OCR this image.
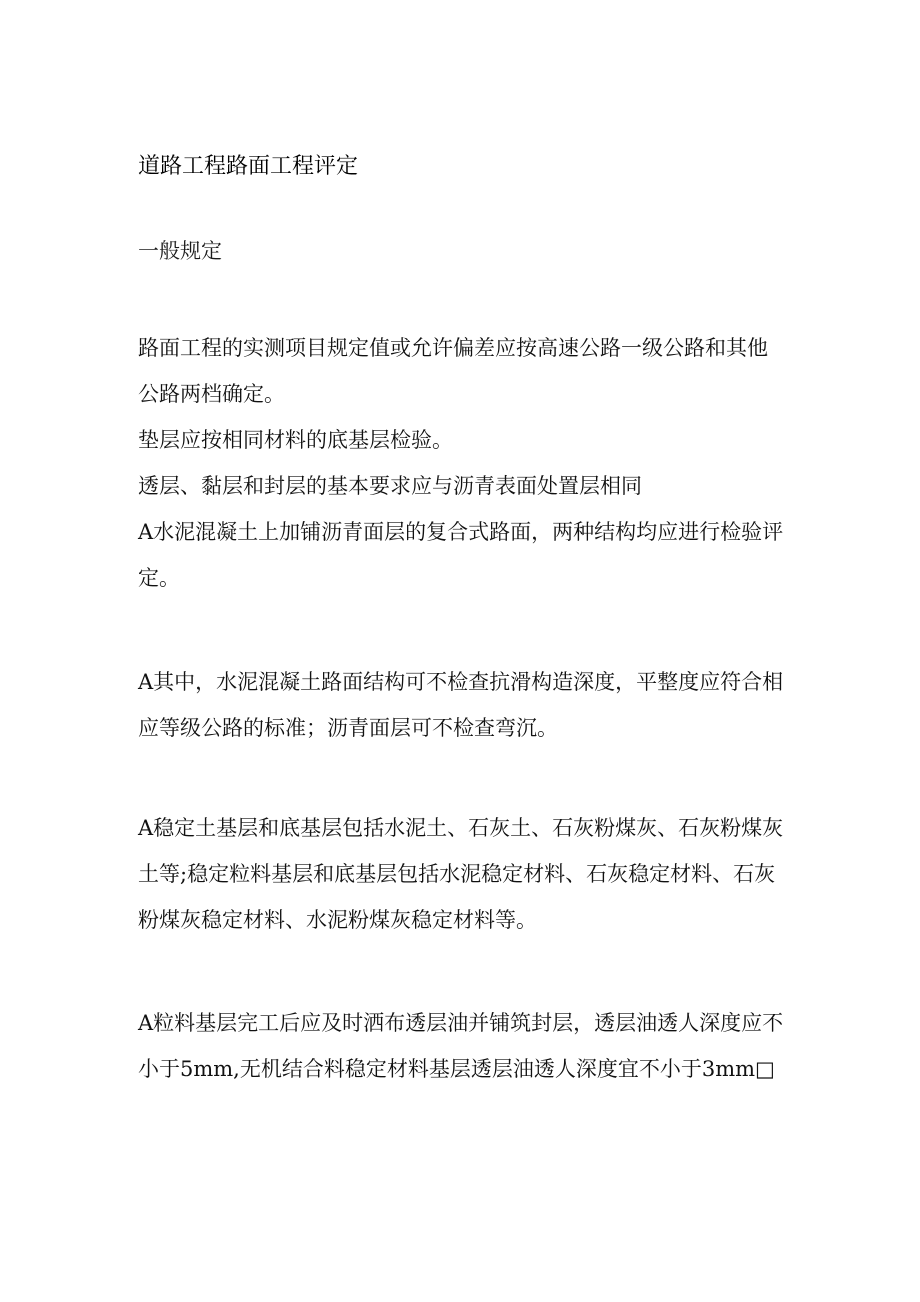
道路工程路面工程评定
一般规定

路面工程的实测项目规定值或允许偏差应按高速公路一级公路和其他公路两档确定。

垫层应按相同材料的底基层检验。

透层、黏层和封层的基本要求应与沥青表面处置层相同

A水泥混凝土上加铺沥青面层的复合式路面，两种结构均应进行检验评定。

A其中，水泥混凝土路面结构可不检查抗滑构造深度，平整度应符合相应等级公路的标准；沥青面层可不检查弯沉。

A稳定土基层和底基层包括水泥土、石灰土、石灰粉煤灰、石灰粉煤灰土等;稳定粒料基层和底基层包括水泥稳定材料、石灰稳定材料、石灰粉煤灰稳定材料、水泥粉煤灰稳定材料等。

A粒料基层完工后应及时洒布透层油并铺筑封层，透层油透人深度应不小于5mm,无机结合料稳定材料基层透层油透人深度宜不小于3mm□
